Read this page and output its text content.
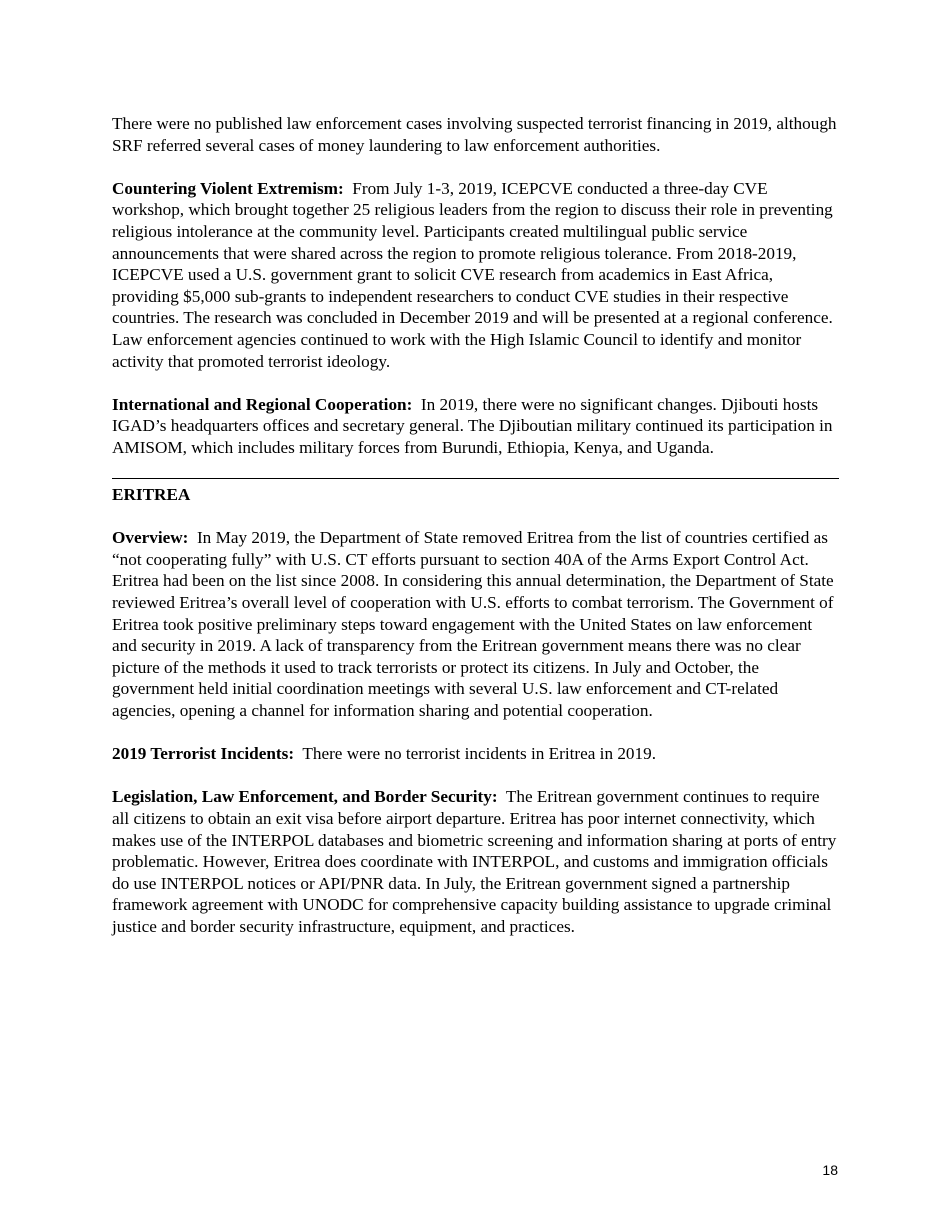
There were no published law enforcement cases involving suspected terrorist financing in 2019, although SRF referred several cases of money laundering to law enforcement authorities.

Countering Violent Extremism: From July 1-3, 2019, ICEPCVE conducted a three-day CVE workshop, which brought together 25 religious leaders from the region to discuss their role in preventing religious intolerance at the community level. Participants created multilingual public service announcements that were shared across the region to promote religious tolerance. From 2018-2019, ICEPCVE used a U.S. government grant to solicit CVE research from academics in East Africa, providing $5,000 sub-grants to independent researchers to conduct CVE studies in their respective countries. The research was concluded in December 2019 and will be presented at a regional conference. Law enforcement agencies continued to work with the High Islamic Council to identify and monitor activity that promoted terrorist ideology.

International and Regional Cooperation: In 2019, there were no significant changes. Djibouti hosts IGAD’s headquarters offices and secretary general. The Djiboutian military continued its participation in AMISOM, which includes military forces from Burundi, Ethiopia, Kenya, and Uganda.

ERITREA

Overview: In May 2019, the Department of State removed Eritrea from the list of countries certified as “not cooperating fully” with U.S. CT efforts pursuant to section 40A of the Arms Export Control Act. Eritrea had been on the list since 2008. In considering this annual determination, the Department of State reviewed Eritrea’s overall level of cooperation with U.S. efforts to combat terrorism. The Government of Eritrea took positive preliminary steps toward engagement with the United States on law enforcement and security in 2019. A lack of transparency from the Eritrean government means there was no clear picture of the methods it used to track terrorists or protect its citizens. In July and October, the government held initial coordination meetings with several U.S. law enforcement and CT-related agencies, opening a channel for information sharing and potential cooperation.

2019 Terrorist Incidents: There were no terrorist incidents in Eritrea in 2019.

Legislation, Law Enforcement, and Border Security: The Eritrean government continues to require all citizens to obtain an exit visa before airport departure. Eritrea has poor internet connectivity, which makes use of the INTERPOL databases and biometric screening and information sharing at ports of entry problematic. However, Eritrea does coordinate with INTERPOL, and customs and immigration officials do use INTERPOL notices or API/PNR data. In July, the Eritrean government signed a partnership framework agreement with UNODC for comprehensive capacity building assistance to upgrade criminal justice and border security infrastructure, equipment, and practices.

18
